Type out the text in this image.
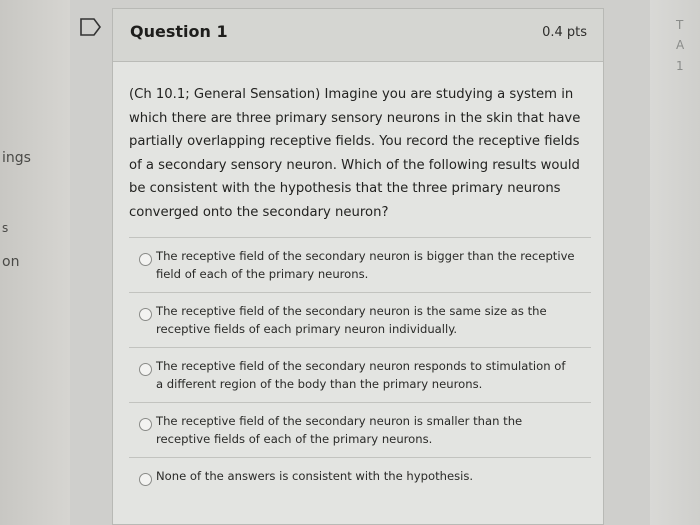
ings
s
on
T
A
1
Question 1	0.4 pts
(Ch 10.1; General Sensation) Imagine you are studying a system in which there are three primary sensory neurons in the skin that have partially overlapping receptive fields. You record the receptive fields of a secondary sensory neuron. Which of the following results would be consistent with the hypothesis that the three primary neurons converged onto the secondary neuron?
The receptive field of the secondary neuron is bigger than the receptive field of each of the primary neurons.
The receptive field of the secondary neuron is the same size as the receptive fields of each primary neuron individually.
The receptive field of the secondary neuron responds to stimulation of a different region of the body than the primary neurons.
The receptive field of the secondary neuron is smaller than the receptive fields of each of the primary neurons.
None of the answers is consistent with the hypothesis.
